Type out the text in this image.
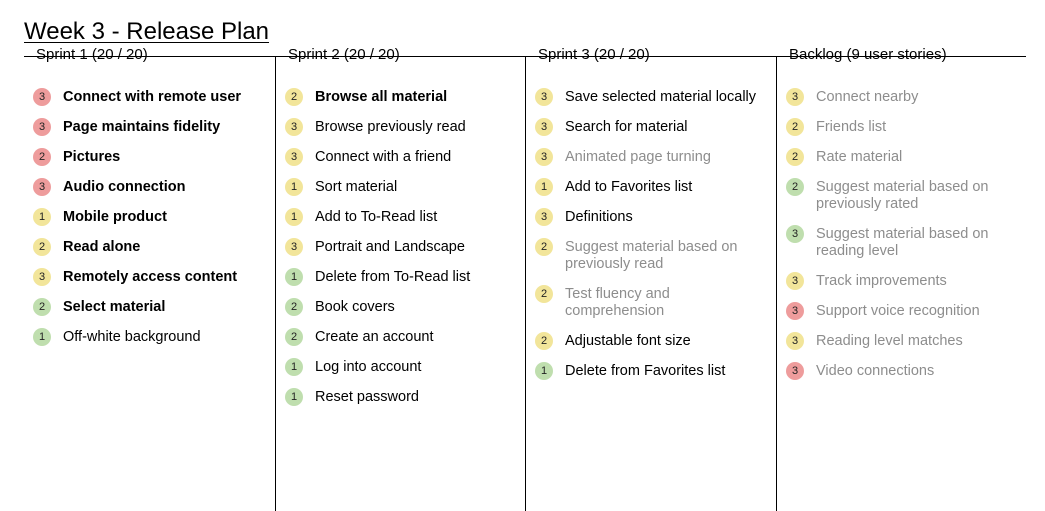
Week 3 - Release Plan
Sprint 1 (20 / 20)
3	Connect with remote user
3	Page maintains fidelity
2	Pictures
3	Audio connection
1	Mobile product
2	Read alone
3	Remotely access content
2	Select material
1	Off-white background
Sprint 2 (20 / 20)
2	Browse all material
3	Browse previously read
3	Connect with a friend
1	Sort material
1	Add to To-Read list
3	Portrait and Landscape
1	Delete from To-Read list
2	Book covers
2	Create an account
1	Log into account
1	Reset password
Sprint 3 (20 / 20)
3	Save selected material locally
3	Search for material
3	Animated page turning
1	Add to Favorites list
3	Definitions
2	Suggest material based on previously read
2	Test fluency and comprehension
2	Adjustable font size
1	Delete from Favorites list
Backlog (9 user stories)
3	Connect nearby
2	Friends list
2	Rate material
2	Suggest material based on previously rated
3	Suggest material based on reading level
3	Track improvements
3	Support voice recognition
3	Reading level matches
3	Video connections
